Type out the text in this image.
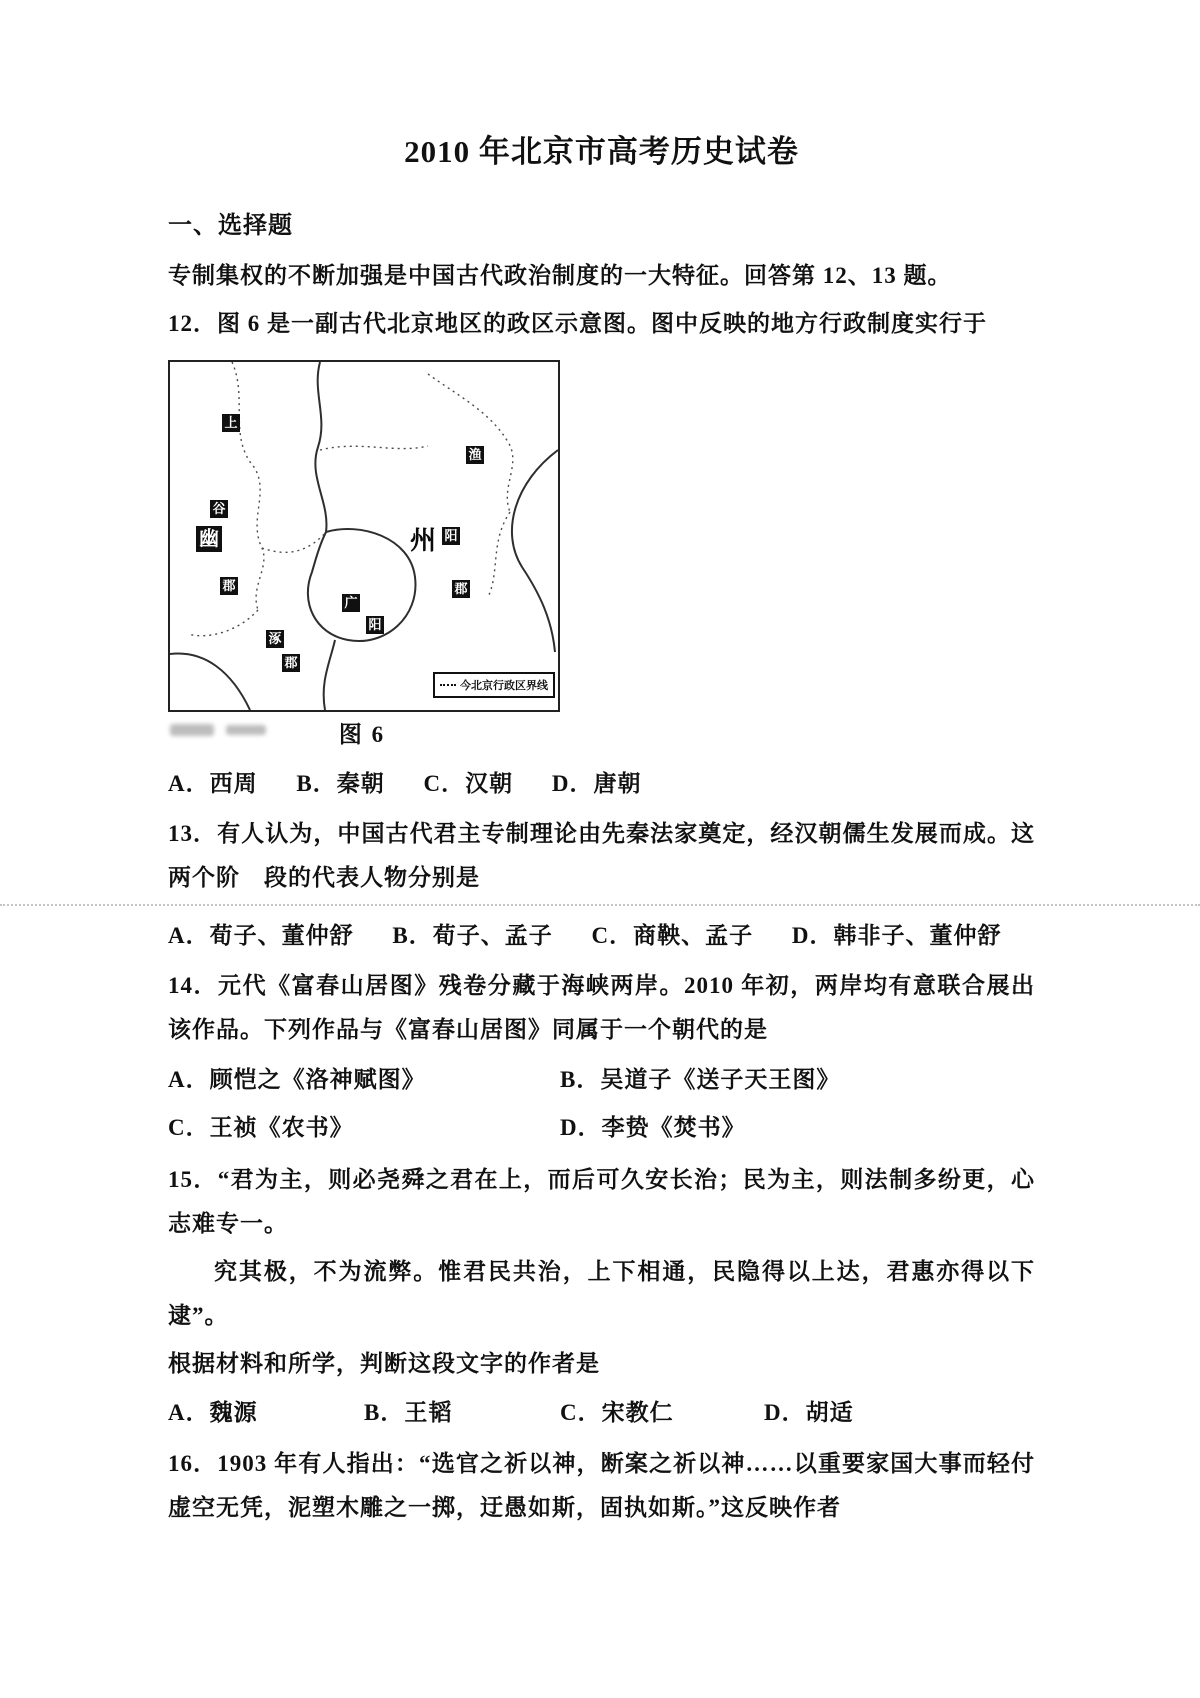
2010 年北京市高考历史试卷
一、选择题

专制集权的不断加强是中国古代政治制度的一大特征。回答第 12、13 题。

12．图 6 是一副古代北京地区的政区示意图。图中反映的地方行政制度实行于

上
谷
郡
渔
阳
郡
广
阳
涿
郡
幽	州
今北京行政区界线
图 6

A．西周 B．秦朝 C．汉朝 D．唐朝

13．有人认为，中国古代君主专制理论由先秦法家奠定，经汉朝儒生发展而成。这两个阶　段的代表人物分别是

A．荀子、董仲舒 B．荀子、孟子 C．商鞅、孟子 D．韩非子、董仲舒

14．元代《富春山居图》残卷分藏于海峡两岸。2010 年初，两岸均有意联合展出该作品。下列作品与《富春山居图》同属于一个朝代的是

A．顾恺之《洛神赋图》	B．吴道子《送子天王图》
C．王祯《农书》	D．李贽《焚书》

15．“君为主，则必尧舜之君在上，而后可久安长治；民为主，则法制多纷更，心志难专一。

究其极，不为流弊。惟君民共治，上下相通，民隐得以上达，君惠亦得以下逮”。

根据材料和所学，判断这段文字的作者是

A．魏源	B．王韬	C．宋教仁	D．胡适

16．1903 年有人指出：“选官之祈以神，断案之祈以神……以重要家国大事而轻付虚空无凭，泥塑木雕之一掷，迂愚如斯，固执如斯。”这反映作者
